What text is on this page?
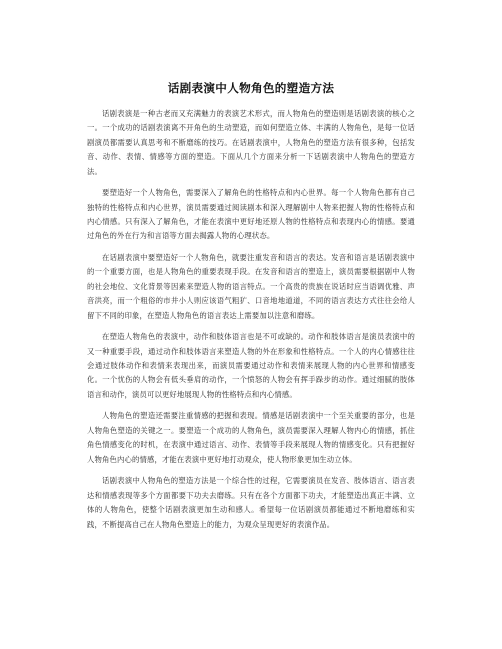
话剧表演中人物角色的塑造方法

话剧表演是一种古老而又充满魅力的表演艺术形式，而人物角色的塑造则是话剧表演的核心之一。一个成功的话剧表演离不开角色的生动塑造，而如何塑造立体、丰满的人物角色，是每一位话剧演员都需要认真思考和不断磨练的技巧。在话剧表演中，人物角色的塑造方法有很多种，包括发音、动作、表情、情感等方面的塑造。下面从几个方面来分析一下话剧表演中人物角色的塑造方法。

要塑造好一个人物角色，需要深入了解角色的性格特点和内心世界。每一个人物角色都有自己独特的性格特点和内心世界，演员需要通过阅读剧本和深入理解剧中人物来把握人物的性格特点和内心情感。只有深入了解角色，才能在表演中更好地还原人物的性格特点和表现内心的情感。要通过角色的外在行为和言语等方面去揭露人物的心理状态。

在话剧表演中要塑造好一个人物角色，就要注重发音和语言的表达。发音和语言是话剧表演中的一个重要方面，也是人物角色的重要表现手段。在发音和语言的塑造上，演员需要根据剧中人物的社会地位、文化背景等因素来塑造人物的语言特点。一个高贵的贵族在说话时应当语调优雅、声音洪亮，而一个粗俗的市井小人则应该语气粗犷、口音地地道道，不同的语言表达方式往往会给人留下不同的印象，在塑造人物角色的语言表达上需要加以注意和磨练。

在塑造人物角色的表演中，动作和肢体语言也是不可或缺的。动作和肢体语言是演员表演中的又一种重要手段，通过动作和肢体语言来塑造人物的外在形象和性格特点。一个人的内心情感往往会通过肢体动作和表情来表现出来，而演员需要通过动作和表情来展现人物的内心世界和情感变化。一个忧伤的人物会有低头垂肩的动作，一个愤怒的人物会有挥手跺步的动作。通过细腻的肢体语言和动作，演员可以更好地展现人物的性格特点和内心情感。

人物角色的塑造还需要注重情感的把握和表现。情感是话剧表演中一个至关重要的部分，也是人物角色塑造的关键之一。要塑造一个成功的人物角色，演员需要深入理解人物内心的情感，抓住角色情感变化的时机，在表演中通过语言、动作、表情等手段来展现人物的情感变化。只有把握好人物角色内心的情感，才能在表演中更好地打动观众，使人物形象更加生动立体。

话剧表演中人物角色的塑造方法是一个综合性的过程，它需要演员在发音、肢体语言、语言表达和情感表现等多个方面都要下功夫去磨练。只有在各个方面都下功夫，才能塑造出真正丰满、立体的人物角色，使整个话剧表演更加生动和感人。希望每一位话剧演员都能通过不断地磨练和实践，不断提高自己在人物角色塑造上的能力，为观众呈现更好的表演作品。
